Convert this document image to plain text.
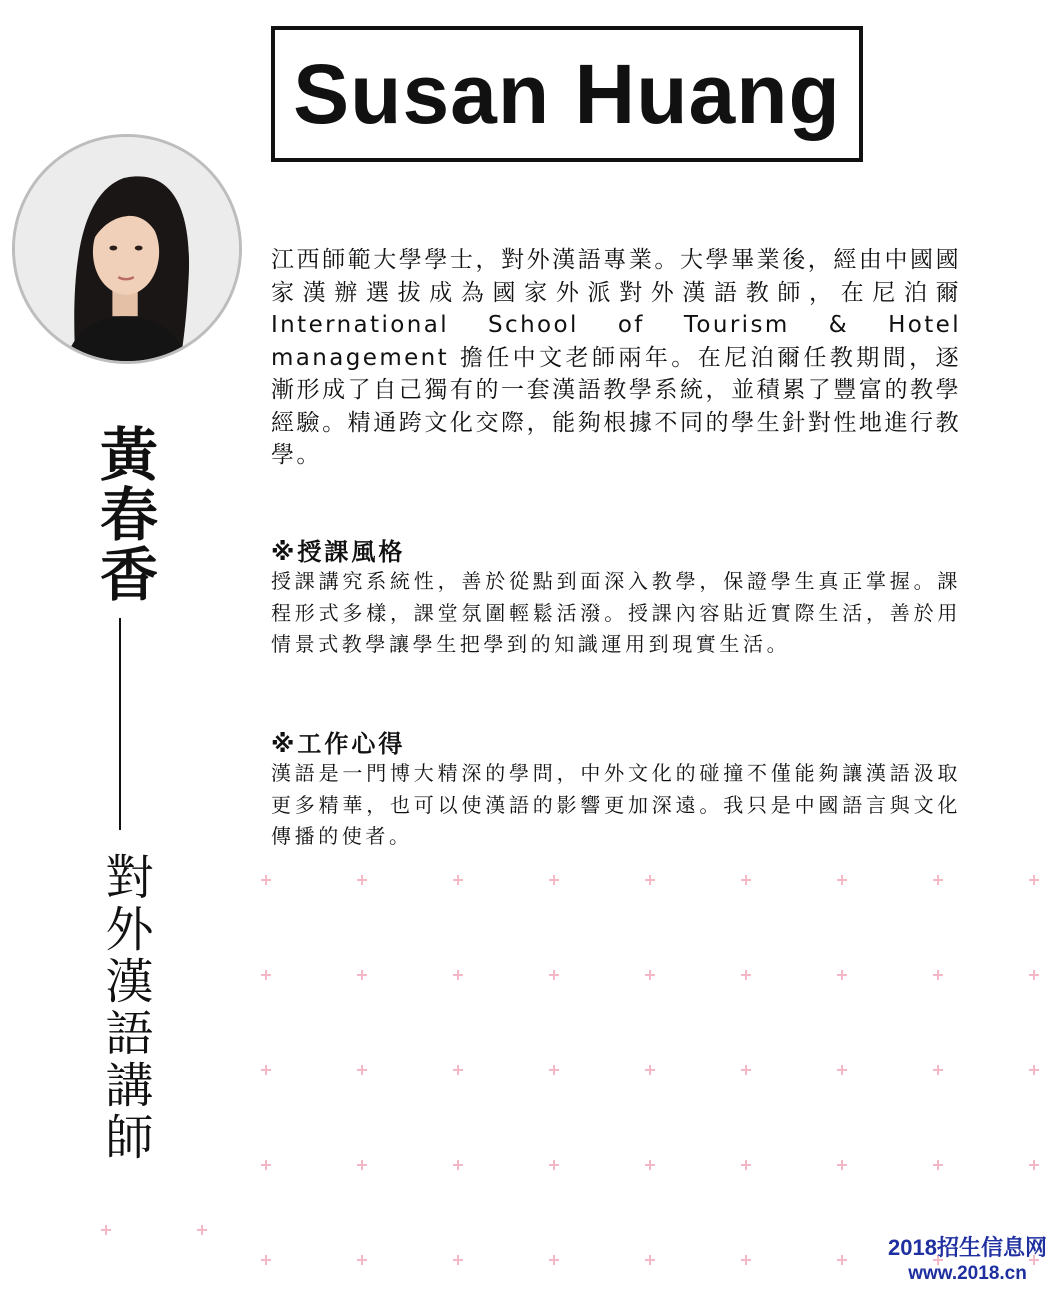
Susan Huang
黃春香
對外漢語講師

江西師範大學學士，對外漢語專業。大學畢業後，經由中國國家漢辦選拔成為國家外派對外漢語教師，在尼泊爾International School of Tourism & Hotel management 擔任中文老師兩年。在尼泊爾任教期間，逐漸形成了自己獨有的一套漢語教學系統，並積累了豐富的教學經驗。精通跨文化交際，能夠根據不同的學生針對性地進行教學。

※授課風格

授課講究系統性，善於從點到面深入教學，保證學生真正掌握。課程形式多樣，課堂氛圍輕鬆活潑。授課內容貼近實際生活，善於用情景式教學讓學生把學到的知識運用到現實生活。

※工作心得

漢語是一門博大精深的學問，中外文化的碰撞不僅能夠讓漢語汲取更多精華，也可以使漢語的影響更加深遠。我只是中國語言與文化傳播的使者。

2018招生信息网
www.2018.cn
